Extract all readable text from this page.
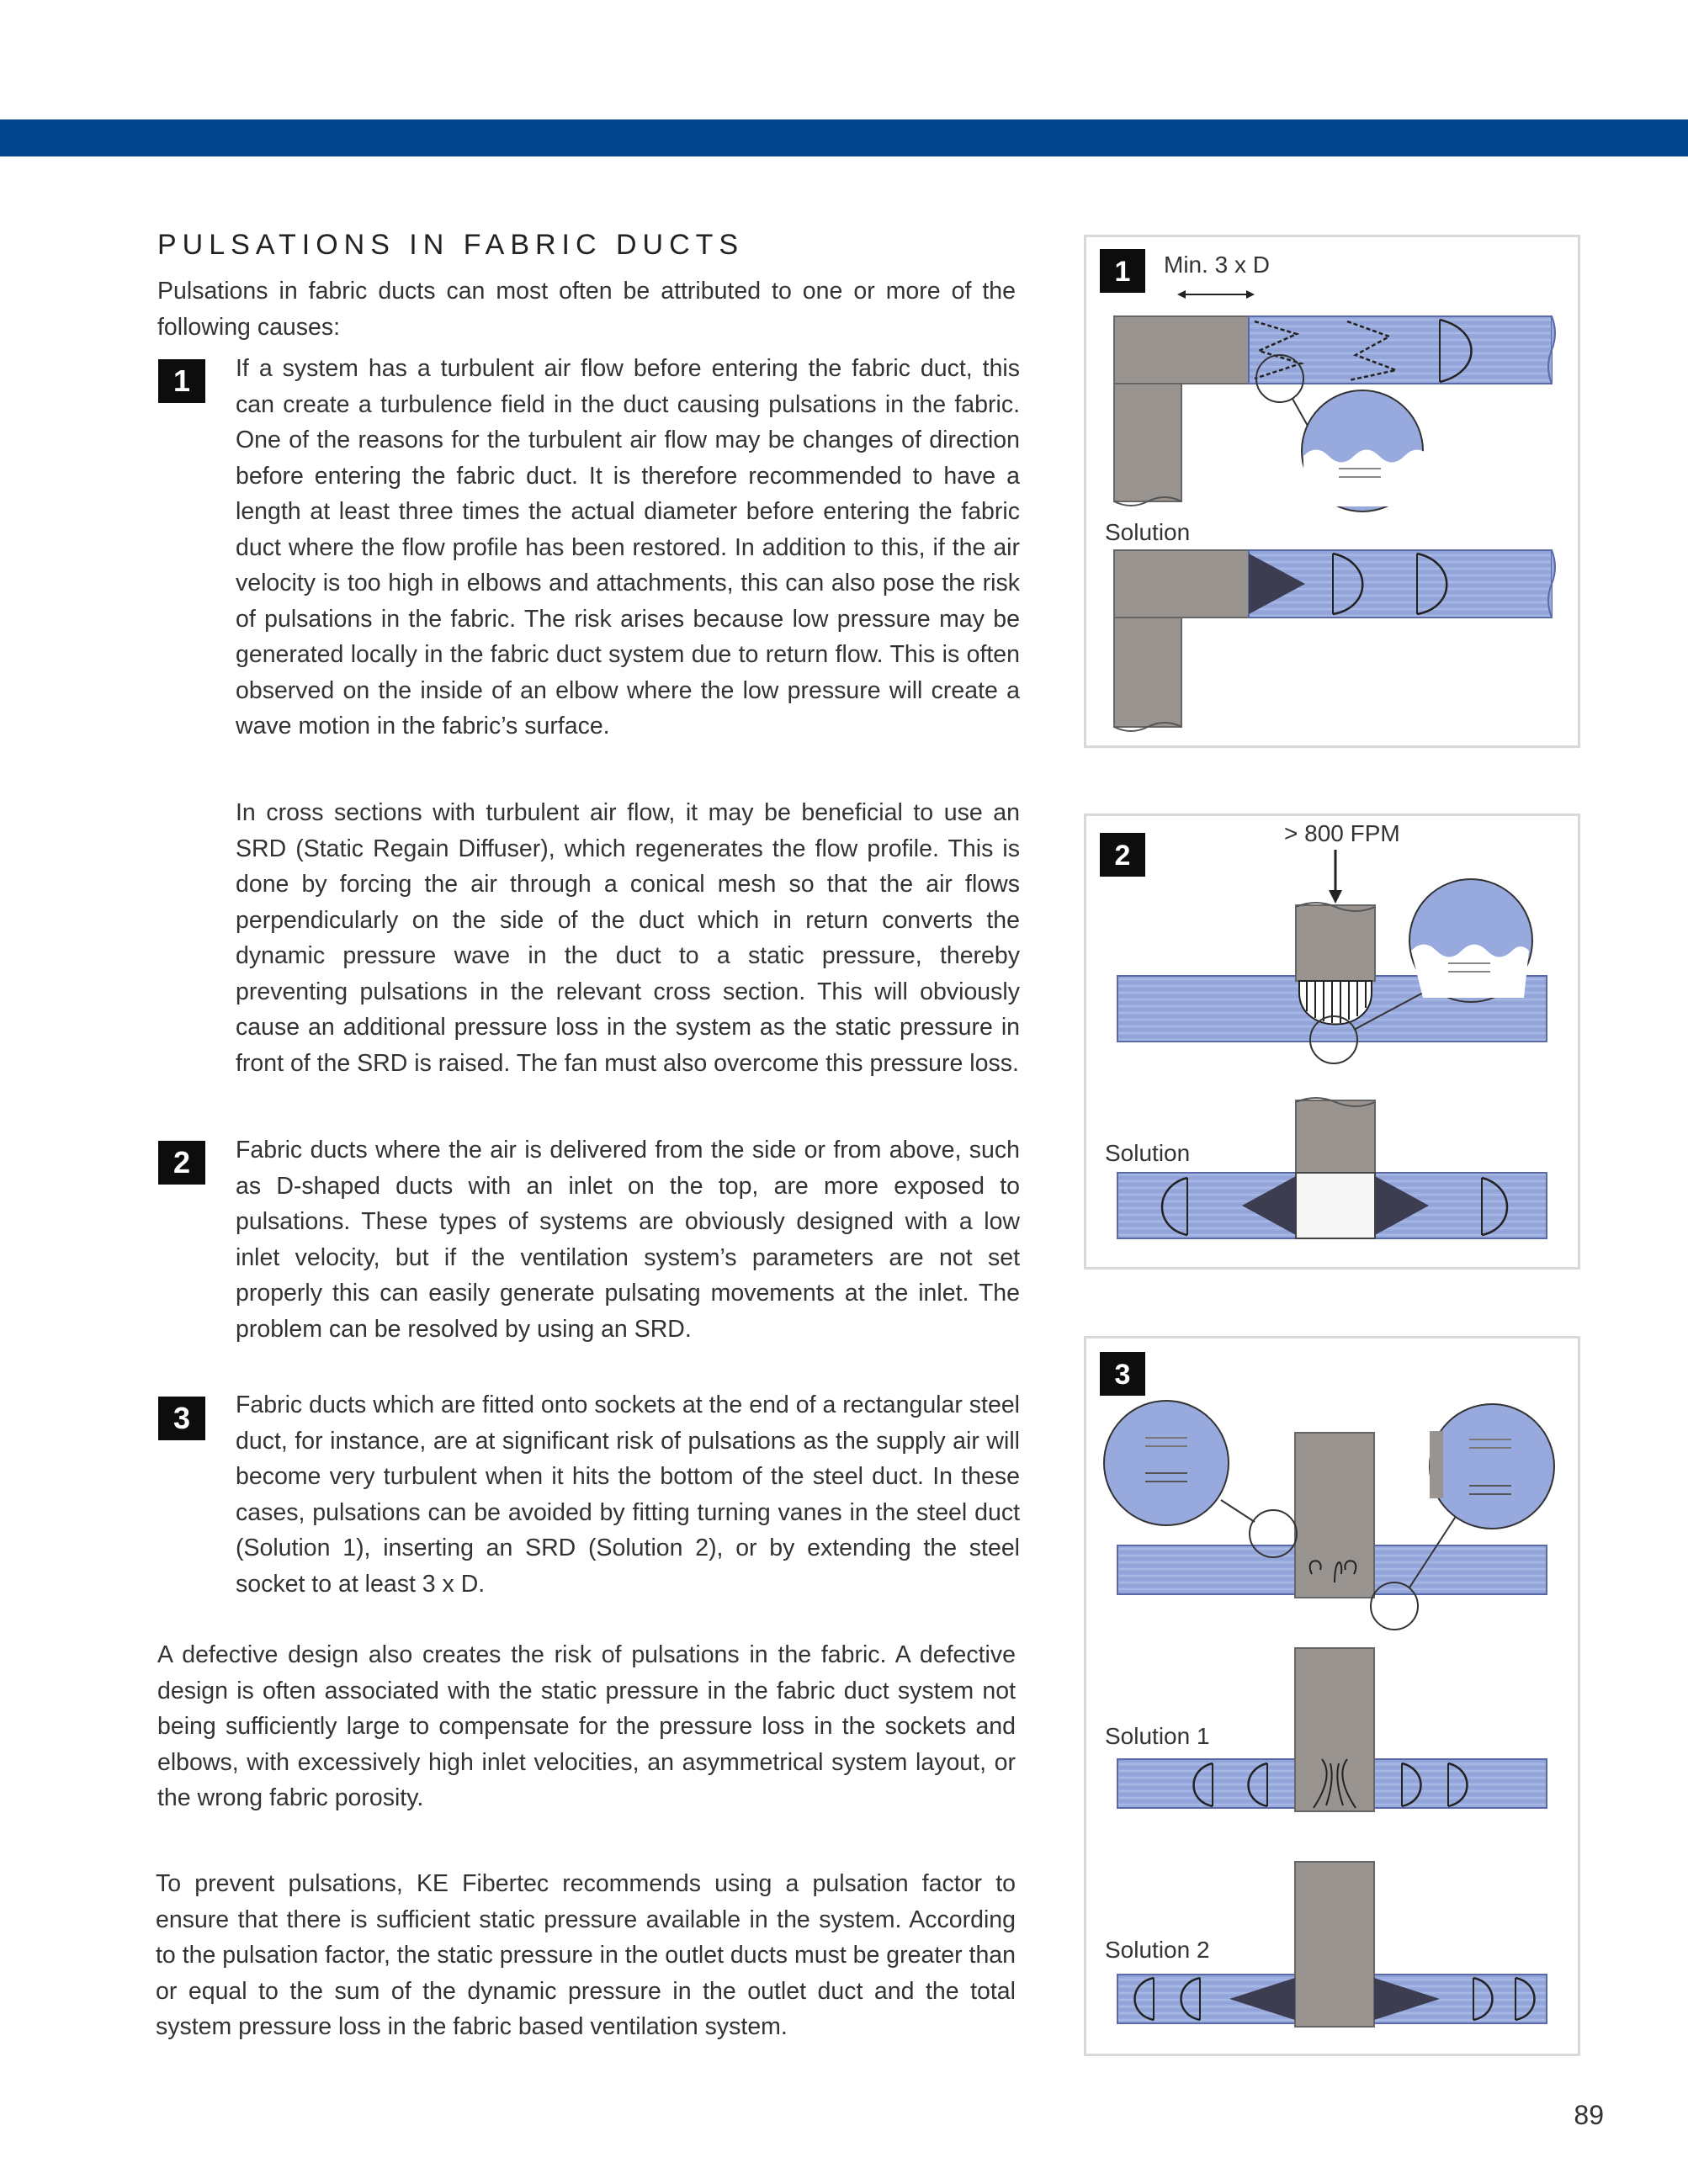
PULSATIONS IN FABRIC DUCTS

Pulsations in fabric ducts can most often be attributed to one or more of the following causes:

1	If a system has a turbulent air flow before entering the fabric duct, this can create a turbulence field in the duct causing pulsations in the fabric. One of the reasons for the turbulent air flow may be changes of direction before entering the fabric duct. It is therefore recommended to have a length at least three times the actual diameter before entering the fabric duct where the flow profile has been restored. In addition to this, if the air velocity is too high in elbows and attachments, this can also pose the risk of pulsations in the fabric. The risk arises because low pressure may be generated locally in the fabric duct system due to return flow. This is often observed on the inside of an elbow where the low pressure will create a wave motion in the fabric’s surface.

In cross sections with turbulent air flow, it may be beneficial to use an SRD (Static Regain Diffuser), which regenerates the flow profile. This is done by forcing the air through a conical mesh so that the air flows perpendicularly on the side of the duct which in return converts the dynamic pressure wave in the duct to a static pressure, thereby preventing pulsations in the relevant cross section. This will obviously cause an additional pressure loss in the system as the static pressure in front of the SRD is raised. The fan must also overcome this pressure loss.

2	Fabric ducts where the air is delivered from the side or from above, such as D-shaped ducts with an inlet on the top, are more exposed to pulsations. These types of systems are obviously designed with a low inlet velocity, but if the ventilation system’s parameters are not set properly this can easily generate pulsating movements at the inlet. The problem can be resolved by using an SRD.

3	Fabric ducts which are fitted onto sockets at the end of a rectangular steel duct, for instance, are at significant risk of pulsations as the supply air will become very turbulent when it hits the bottom of the steel duct. In these cases, pulsations can be avoided by fitting turning vanes in the steel duct (Solution 1), inserting an SRD (Solution 2), or by extending the steel socket to at least 3 x D.

A defective design also creates the risk of pulsations in the fabric. A defective design is often associated with the static pressure in the fabric duct system not being sufficiently large to compensate for the pressure loss in the sockets and elbows, with excessively high inlet velocities, an asymmetrical system layout, or the wrong fabric porosity.

To prevent pulsations, KE Fibertec recommends using a pulsation factor to ensure that there is sufficient static pressure available in the system. According to the pulsation factor, the static pressure in the outlet ducts must be greater than or equal to the sum of the dynamic pressure in the outlet duct and the total system pressure loss in the fabric based ventilation system.

1 Min. 3 x D
Solution
2
> 800 FPM
Solution
3
Solution 1
Solution 2
89
